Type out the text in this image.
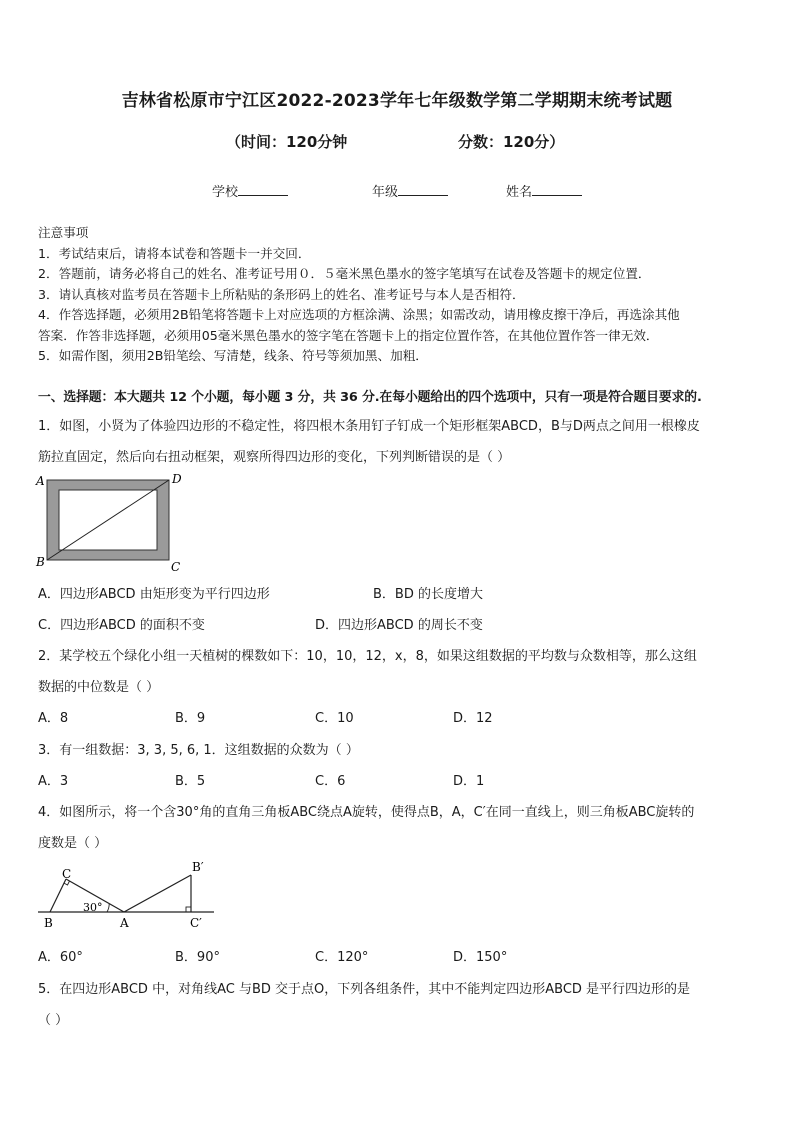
吉林省松原市宁江区2022-2023学年七年级数学第二学期期末统考试题
（时间：120分钟	分数：120分）
学校	年级	姓名

注意事项

1．考试结束后，请将本试卷和答题卡一并交回．

2．答题前，请务必将自己的姓名、准考证号用０．５毫米黑色墨水的签字笔填写在试卷及答题卡的规定位置．

3．请认真核对监考员在答题卡上所粘贴的条形码上的姓名、准考证号与本人是否相符．

4．作答选择题，必须用2B铅笔将答题卡上对应选项的方框涂满、涂黑；如需改动，请用橡皮擦干净后，再选涂其他

答案．作答非选择题，必须用05毫米黑色墨水的签字笔在答题卡上的指定位置作答，在其他位置作答一律无效．

5．如需作图，须用2B铅笔绘、写清楚，线条、符号等须加黑、加粗．

一、选择题：本大题共 12 个小题，每小题 3 分，共 36 分.在每小题给出的四个选项中，只有一项是符合题目要求的.
1．如图，小贤为了体验四边形的不稳定性，将四根木条用钉子钉成一个矩形框架ABCD，B与D两点之间用一根橡皮
筋拉直固定，然后向右扭动框架，观察所得四边形的变化，下列判断错误的是（ ）
A	D
B	C
A．四边形ABCD 由矩形变为平行四边形	B．BD 的长度增大
C．四边形ABCD 的面积不变	D．四边形ABCD 的周长不变
2．某学校五个绿化小组一天植树的棵数如下：10，10，12，x，8，如果这组数据的平均数与众数相等，那么这组
数据的中位数是（ ）
A．8	B．9	C．10	D．12
3．有一组数据：3, 3, 5, 6, 1．这组数据的众数为（ ）
A．3	B．5	C．6	D．1
4．如图所示，将一个含30°角的直角三角板ABC绕点A旋转，使得点B，A，C′在同一直线上，则三角板ABC旋转的
度数是（ ）
C
B	A
30°
B′
C′
A．60°	B．90°	C．120°	D．150°
5．在四边形ABCD 中，对角线AC 与BD 交于点O，下列各组条件，其中不能判定四边形ABCD 是平行四边形的是
（ ）
